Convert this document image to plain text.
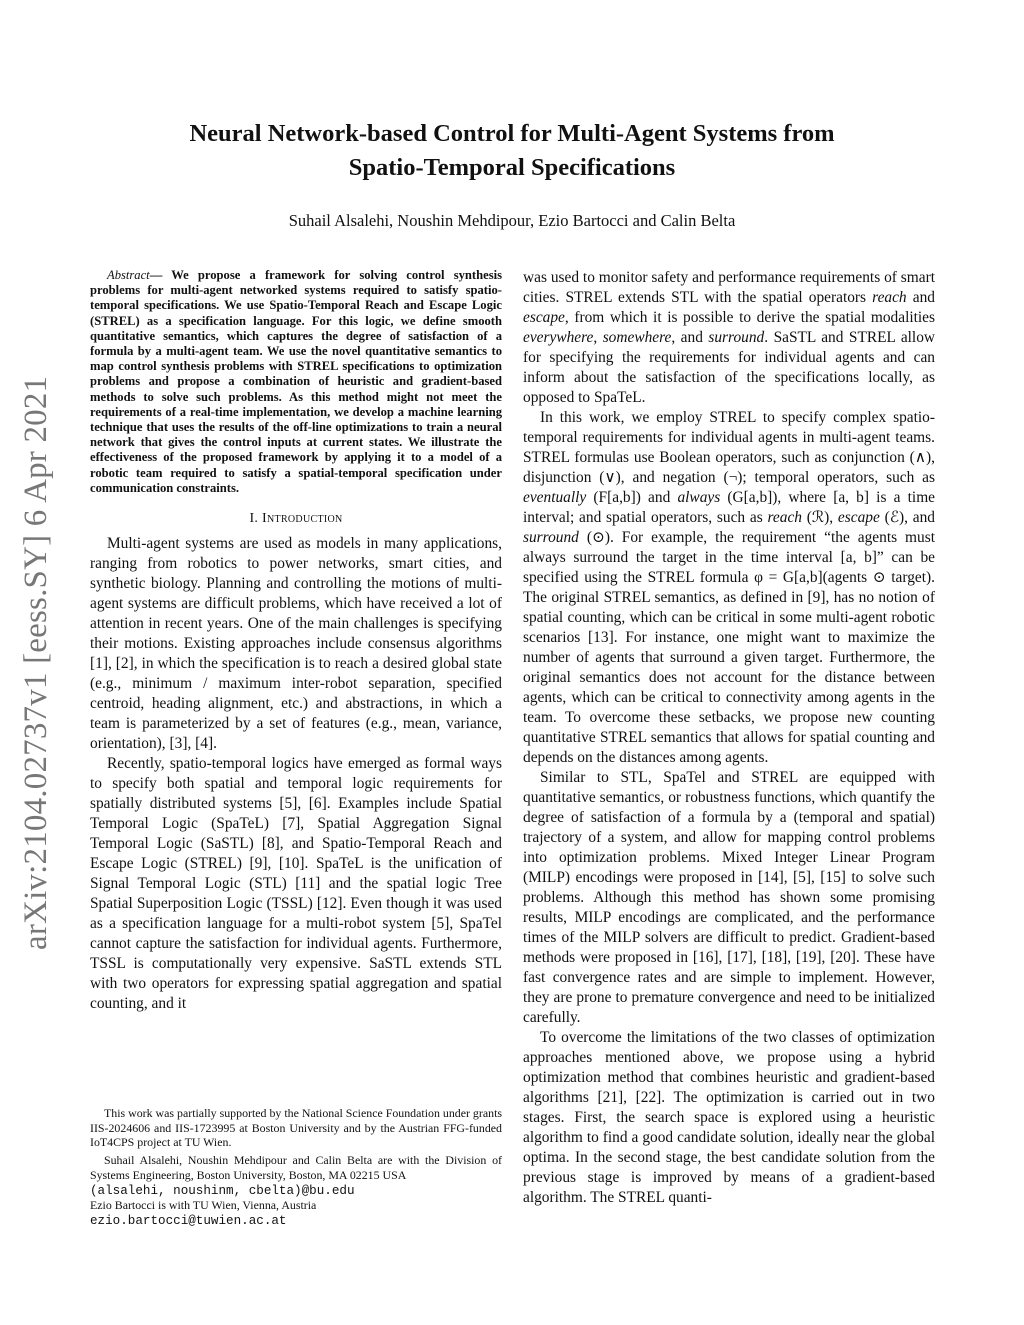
arXiv:2104.02737v1 [eess.SY] 6 Apr 2021
Neural Network-based Control for Multi-Agent Systems from
Spatio-Temporal Specifications
Suhail Alsalehi, Noushin Mehdipour, Ezio Bartocci and Calin Belta

Abstract— We propose a framework for solving control synthesis problems for multi-agent networked systems required to satisfy spatio-temporal specifications. We use Spatio-Temporal Reach and Escape Logic (STREL) as a specification language. For this logic, we define smooth quantitative semantics, which captures the degree of satisfaction of a formula by a multi-agent team. We use the novel quantitative semantics to map control synthesis problems with STREL specifications to optimization problems and propose a combination of heuristic and gradient-based methods to solve such problems. As this method might not meet the requirements of a real-time implementation, we develop a machine learning technique that uses the results of the off-line optimizations to train a neural network that gives the control inputs at current states. We illustrate the effectiveness of the proposed framework by applying it to a model of a robotic team required to satisfy a spatial-temporal specification under communication constraints.

I. Introduction

Multi-agent systems are used as models in many applications, ranging from robotics to power networks, smart cities, and synthetic biology. Planning and controlling the motions of multi-agent systems are difficult problems, which have received a lot of attention in recent years. One of the main challenges is specifying their motions. Existing approaches include consensus algorithms [1], [2], in which the specification is to reach a desired global state (e.g., minimum / maximum inter-robot separation, specified centroid, heading alignment, etc.) and abstractions, in which a team is parameterized by a set of features (e.g., mean, variance, orientation), [3], [4].

Recently, spatio-temporal logics have emerged as formal ways to specify both spatial and temporal logic requirements for spatially distributed systems [5], [6]. Examples include Spatial Temporal Logic (SpaTeL) [7], Spatial Aggregation Signal Temporal Logic (SaSTL) [8], and Spatio-Temporal Reach and Escape Logic (STREL) [9], [10]. SpaTeL is the unification of Signal Temporal Logic (STL) [11] and the spatial logic Tree Spatial Superposition Logic (TSSL) [12]. Even though it was used as a specification language for a multi-robot system [5], SpaTel cannot capture the satisfaction for individual agents. Furthermore, TSSL is computationally very expensive. SaSTL extends STL with two operators for expressing spatial aggregation and spatial counting, and it

This work was partially supported by the National Science Foundation under grants IIS-2024606 and IIS-1723995 at Boston University and by the Austrian FFG-funded IoT4CPS project at TU Wien.

Suhail Alsalehi, Noushin Mehdipour and Calin Belta are with the Division of Systems Engineering, Boston University, Boston, MA 02215 USA
(alsalehi, noushinm, cbelta)@bu.edu
Ezio Bartocci is with TU Wien, Vienna, Austria
ezio.bartocci@tuwien.ac.at

was used to monitor safety and performance requirements of smart cities. STREL extends STL with the spatial operators reach and escape, from which it is possible to derive the spatial modalities everywhere, somewhere, and surround. SaSTL and STREL allow for specifying the requirements for individual agents and can inform about the satisfaction of the specifications locally, as opposed to SpaTeL.

In this work, we employ STREL to specify complex spatio-temporal requirements for individual agents in multi-agent teams. STREL formulas use Boolean operators, such as conjunction (∧), disjunction (∨), and negation (¬); temporal operators, such as eventually (F[a,b]) and always (G[a,b]), where [a, b] is a time interval; and spatial operators, such as reach (ℛ), escape (ℰ), and surround (⊙). For example, the requirement “the agents must always surround the target in the time interval [a, b]” can be specified using the STREL formula φ = G[a,b](agents ⊙ target). The original STREL semantics, as defined in [9], has no notion of spatial counting, which can be critical in some multi-agent robotic scenarios [13]. For instance, one might want to maximize the number of agents that surround a given target. Furthermore, the original semantics does not account for the distance between agents, which can be critical to connectivity among agents in the team. To overcome these setbacks, we propose new counting quantitative STREL semantics that allows for spatial counting and depends on the distances among agents.

Similar to STL, SpaTel and STREL are equipped with quantitative semantics, or robustness functions, which quantify the degree of satisfaction of a formula by a (temporal and spatial) trajectory of a system, and allow for mapping control problems into optimization problems. Mixed Integer Linear Program (MILP) encodings were proposed in [14], [5], [15] to solve such problems. Although this method has shown some promising results, MILP encodings are complicated, and the performance times of the MILP solvers are difficult to predict. Gradient-based methods were proposed in [16], [17], [18], [19], [20]. These have fast convergence rates and are simple to implement. However, they are prone to premature convergence and need to be initialized carefully.

To overcome the limitations of the two classes of optimization approaches mentioned above, we propose using a hybrid optimization method that combines heuristic and gradient-based algorithms [21], [22]. The optimization is carried out in two stages. First, the search space is explored using a heuristic algorithm to find a good candidate solution, ideally near the global optima. In the second stage, the best candidate solution from the previous stage is improved by means of a gradient-based algorithm. The STREL quanti-
